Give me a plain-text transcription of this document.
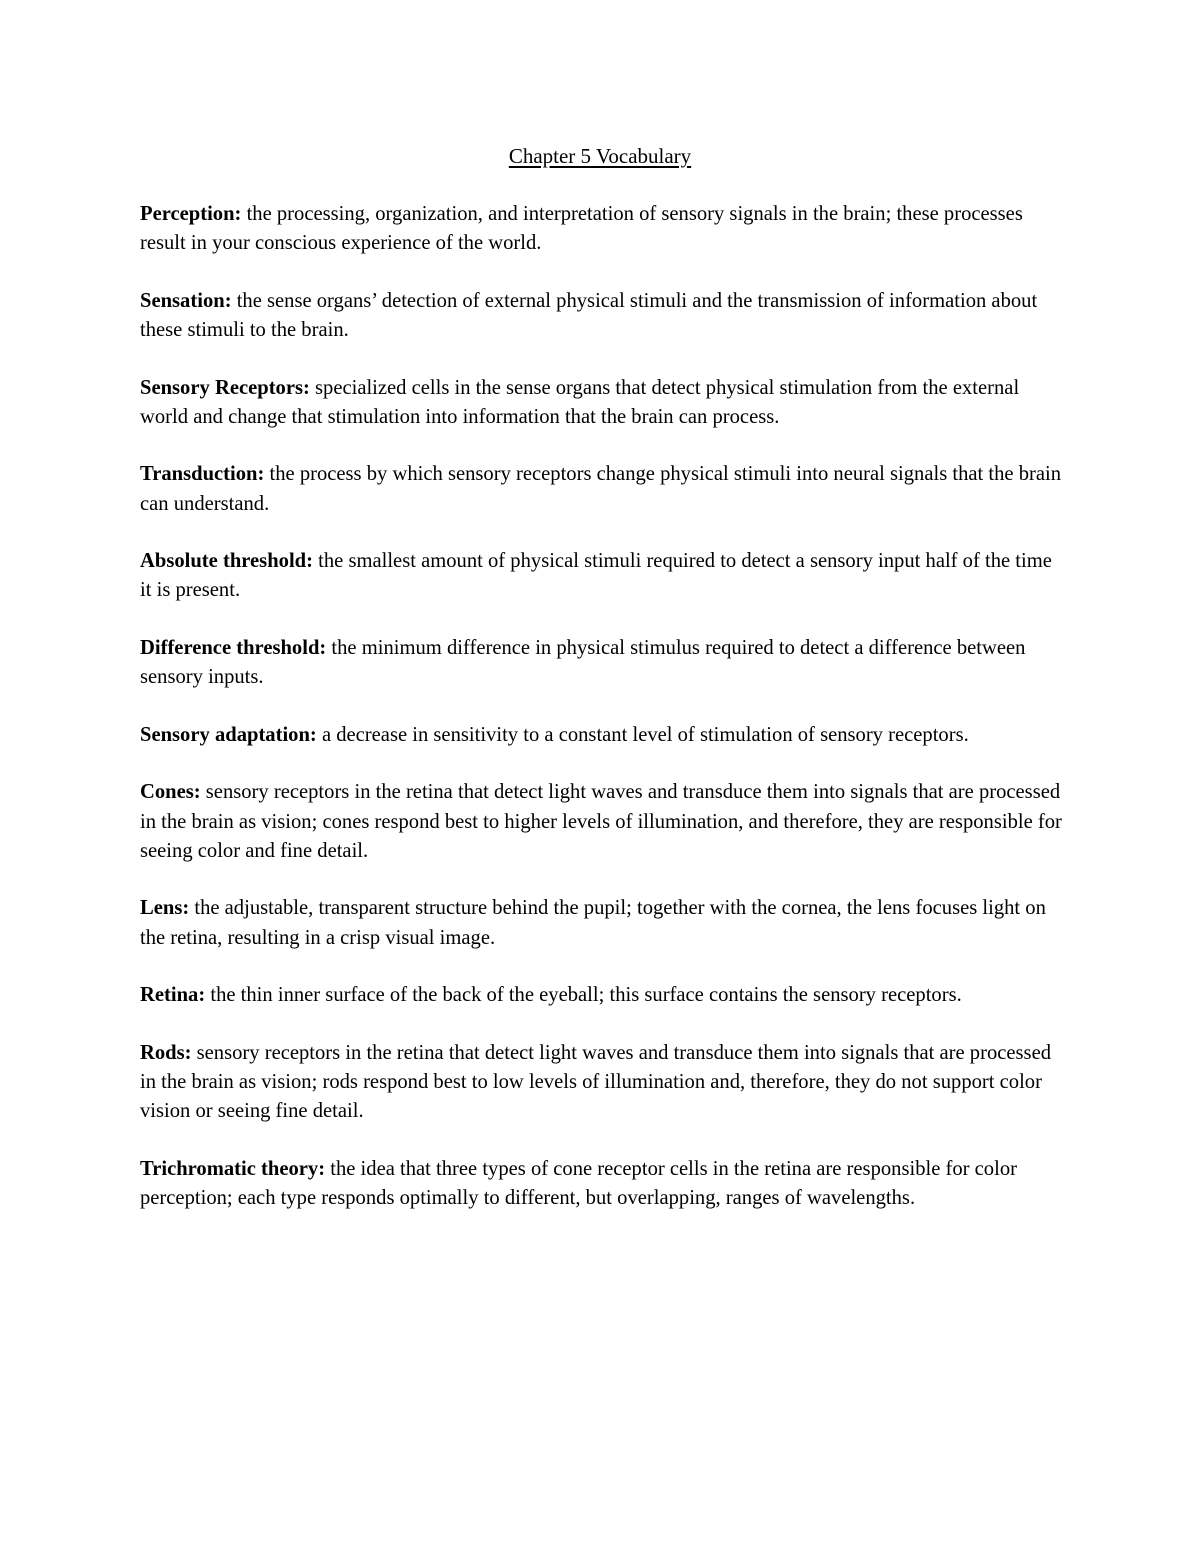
Chapter 5 Vocabulary

Perception: the processing, organization, and interpretation of sensory signals in the brain; these processes result in your conscious experience of the world.

Sensation: the sense organs’ detection of external physical stimuli and the transmission of information about these stimuli to the brain.

Sensory Receptors: specialized cells in the sense organs that detect physical stimulation from the external world and change that stimulation into information that the brain can process.

Transduction: the process by which sensory receptors change physical stimuli into neural signals that the brain can understand.

Absolute threshold: the smallest amount of physical stimuli required to detect a sensory input half of the time it is present.

Difference threshold: the minimum difference in physical stimulus required to detect a difference between sensory inputs.

Sensory adaptation: a decrease in sensitivity to a constant level of stimulation of sensory receptors.

Cones: sensory receptors in the retina that detect light waves and transduce them into signals that are processed in the brain as vision; cones respond best to higher levels of illumination, and therefore, they are responsible for seeing color and fine detail.

Lens: the adjustable, transparent structure behind the pupil; together with the cornea, the lens focuses light on the retina, resulting in a crisp visual image.

Retina: the thin inner surface of the back of the eyeball; this surface contains the sensory receptors.

Rods: sensory receptors in the retina that detect light waves and transduce them into signals that are processed in the brain as vision; rods respond best to low levels of illumination and, therefore, they do not support color vision or seeing fine detail.

Trichromatic theory: the idea that three types of cone receptor cells in the retina are responsible for color perception; each type responds optimally to different, but overlapping, ranges of wavelengths.
